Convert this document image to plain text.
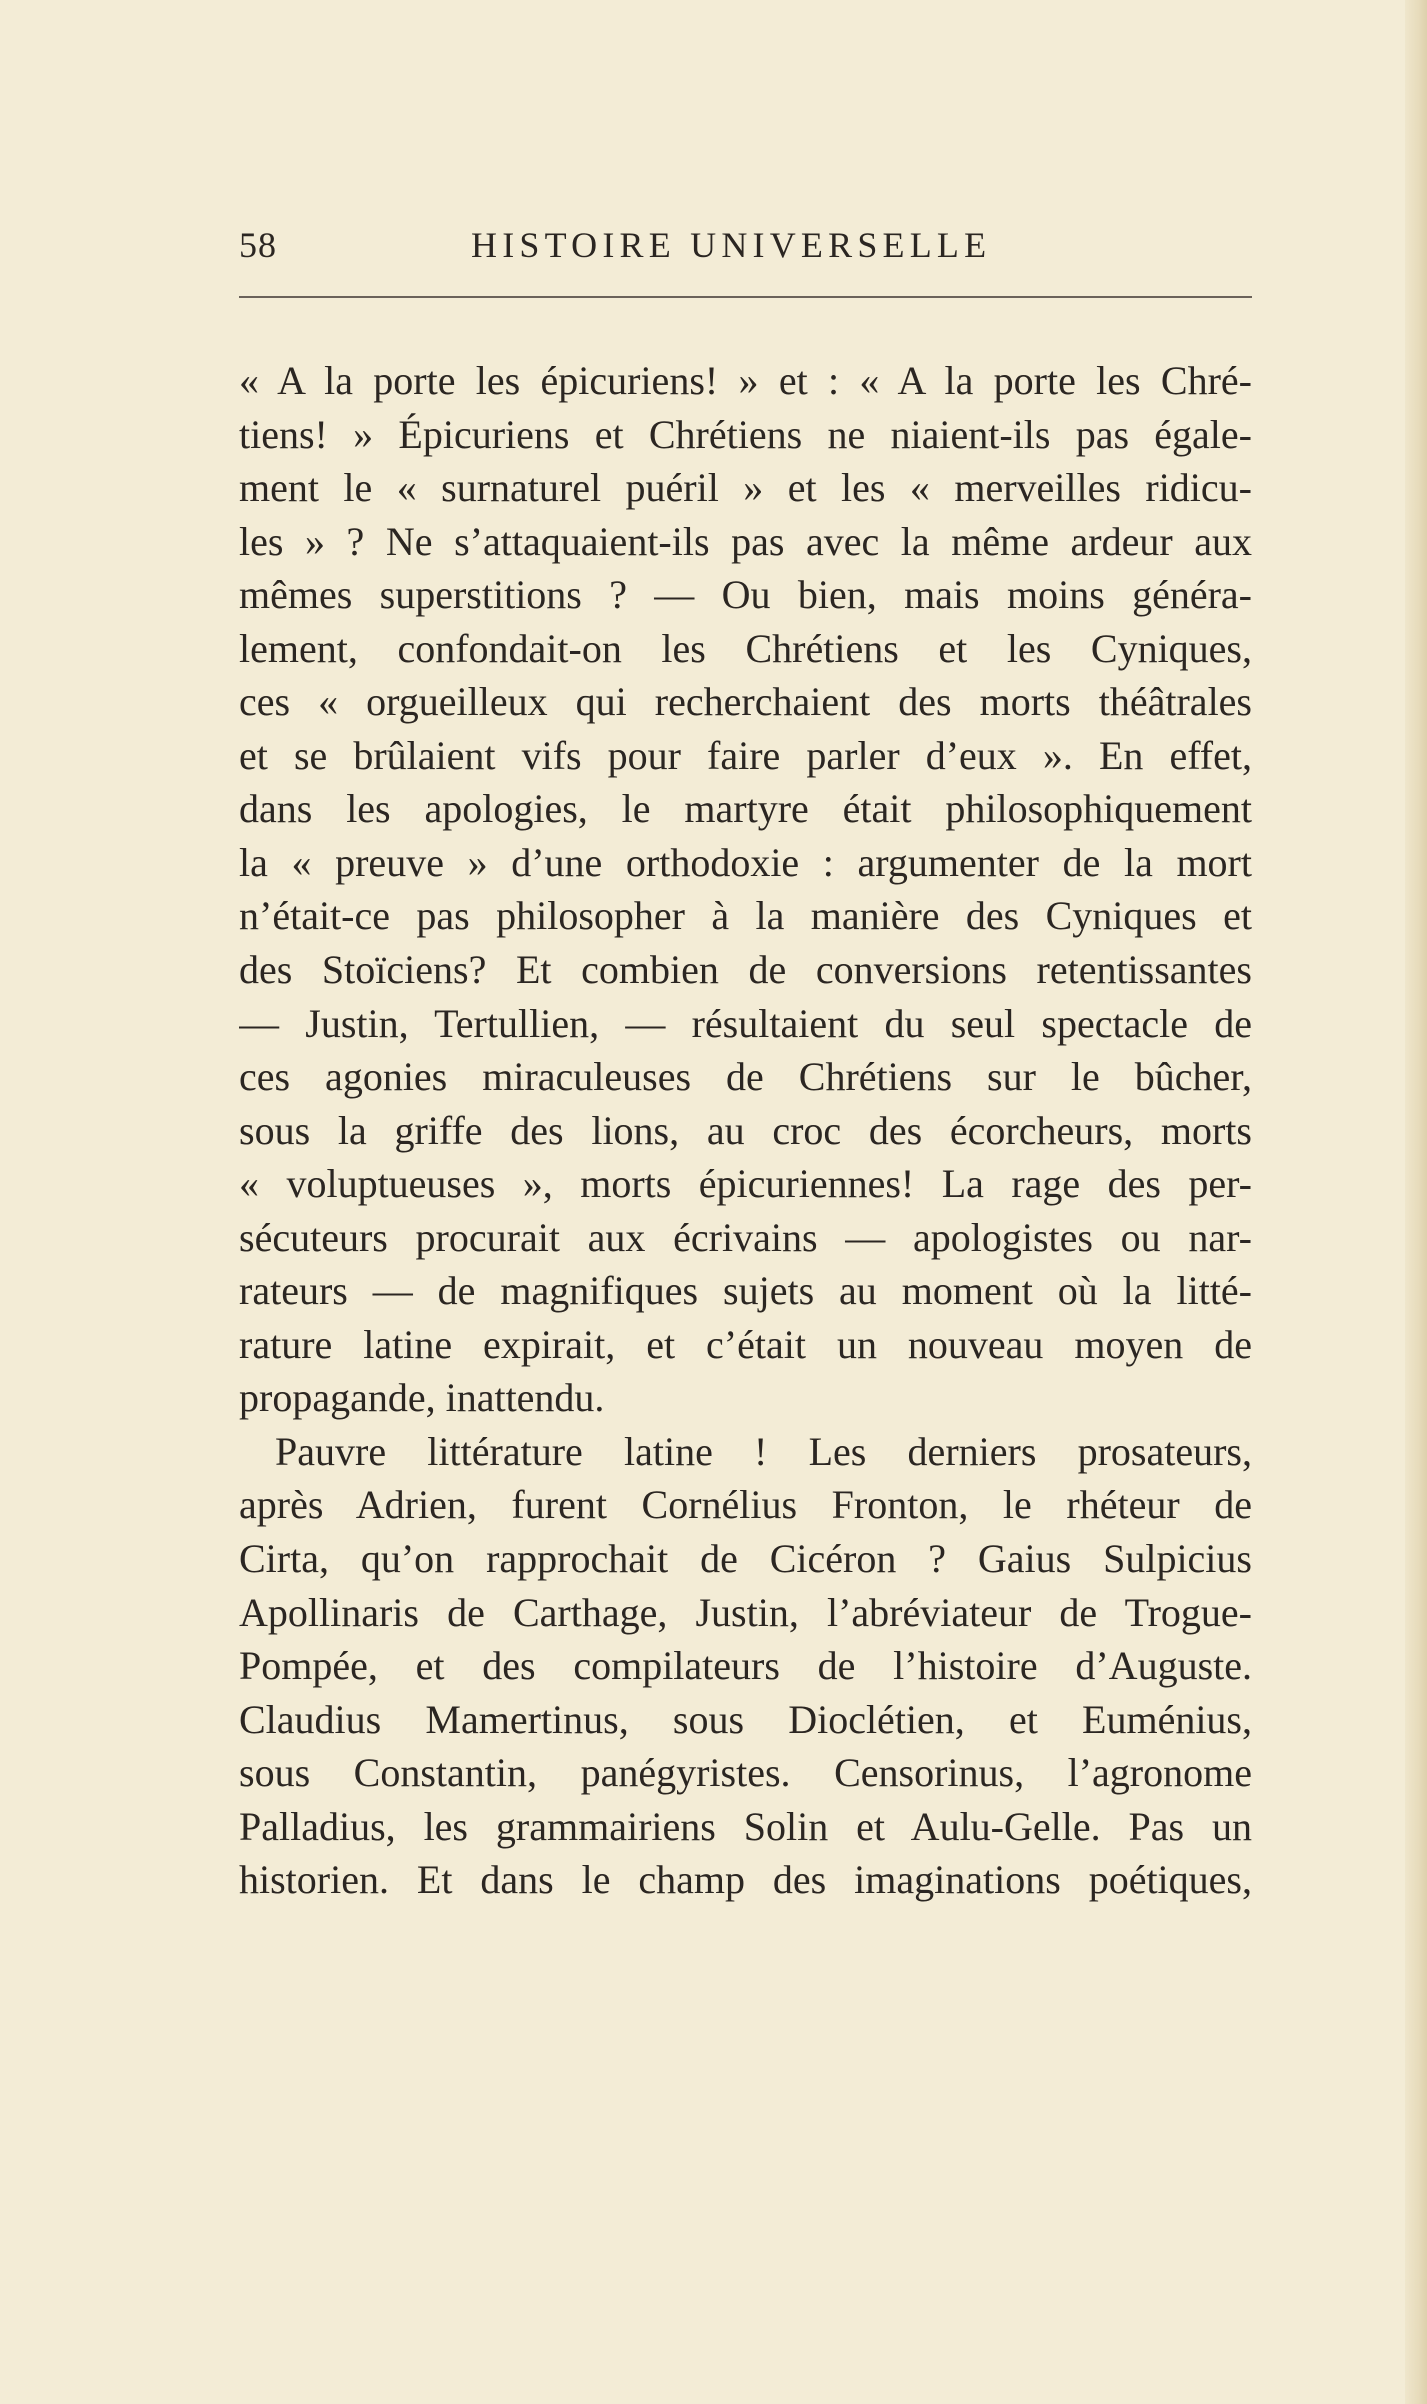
58	HISTOIRE UNIVERSELLE
« A la porte les épicuriens! » et : « A la porte les Chré-
tiens! » Épicuriens et Chrétiens ne niaient-ils pas égale-
ment le « surnaturel puéril » et les « merveilles ridicu-
les » ? Ne s’attaquaient-ils pas avec la même ardeur aux
mêmes superstitions ? — Ou bien, mais moins généra-
lement, confondait-on les Chrétiens et les Cyniques,
ces « orgueilleux qui recherchaient des morts théâtrales
et se brûlaient vifs pour faire parler d’eux ». En effet,
dans les apologies, le martyre était philosophiquement
la « preuve » d’une orthodoxie : argumenter de la mort
n’était-ce pas philosopher à la manière des Cyniques et
des Stoïciens? Et combien de conversions retentissantes
— Justin, Tertullien, — résultaient du seul spectacle de
ces agonies miraculeuses de Chrétiens sur le bûcher,
sous la griffe des lions, au croc des écorcheurs, morts
« voluptueuses », morts épicuriennes! La rage des per-
sécuteurs procurait aux écrivains — apologistes ou nar-
rateurs — de magnifiques sujets au moment où la litté-
rature latine expirait, et c’était un nouveau moyen de
propagande, inattendu.
Pauvre littérature latine ! Les derniers prosateurs,
après Adrien, furent Cornélius Fronton, le rhéteur de
Cirta, qu’on rapprochait de Cicéron ? Gaius Sulpicius
Apollinaris de Carthage, Justin, l’abréviateur de Trogue-
Pompée, et des compilateurs de l’histoire d’Auguste.
Claudius Mamertinus, sous Dioclétien, et Euménius,
sous Constantin, panégyristes. Censorinus, l’agronome
Palladius, les grammairiens Solin et Aulu-Gelle. Pas un
historien. Et dans le champ des imaginations poétiques,
